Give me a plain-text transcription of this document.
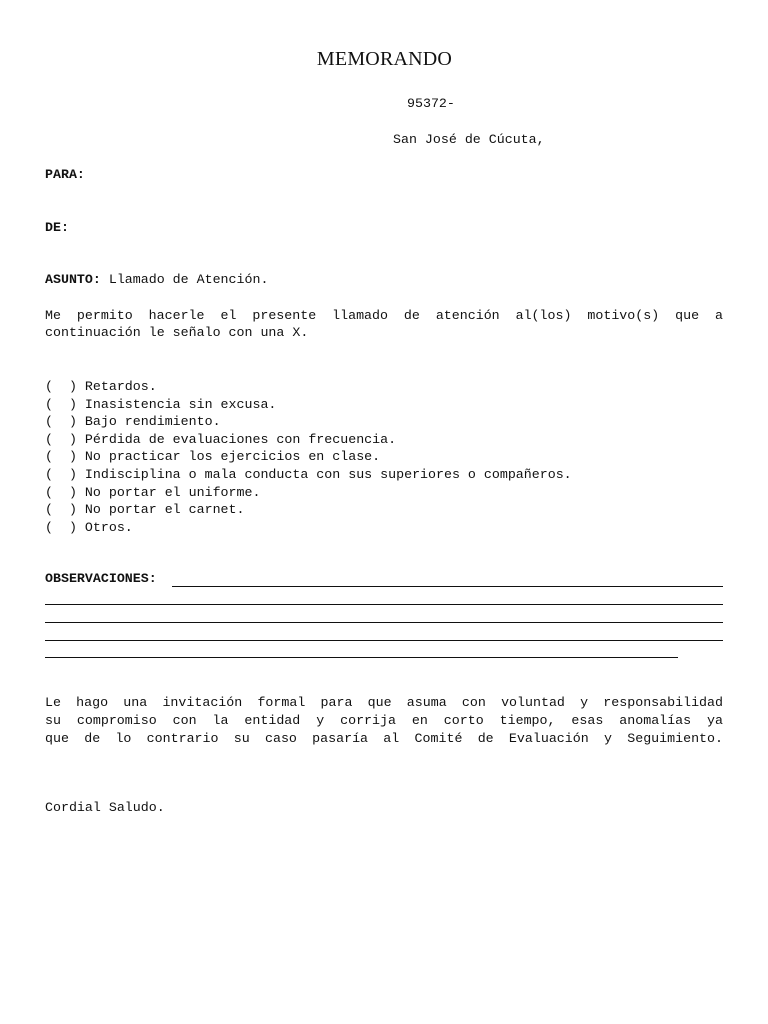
MEMORANDO
95372-
San José de Cúcuta,
PARA:
DE:
ASUNTO: Llamado de Atención.
Me permito hacerle el presente llamado de atención al(los) motivo(s) que a
continuación le señalo con una X.
(  ) Retardos.
(  ) Inasistencia sin excusa.
(  ) Bajo rendimiento.
(  ) Pérdida de evaluaciones con frecuencia.
(  ) No practicar los ejercicios en clase.
(  ) Indisciplina o mala conducta con sus superiores o compañeros.
(  ) No portar el uniforme.
(  ) No portar el carnet.
(  ) Otros.
OBSERVACIONES:
Le hago una invitación formal para que asuma con voluntad y responsabilidad
su compromiso con la entidad y corrija en corto tiempo, esas anomalías ya
que de lo contrario su caso pasaría al Comité de Evaluación y Seguimiento.
Cordial Saludo.
